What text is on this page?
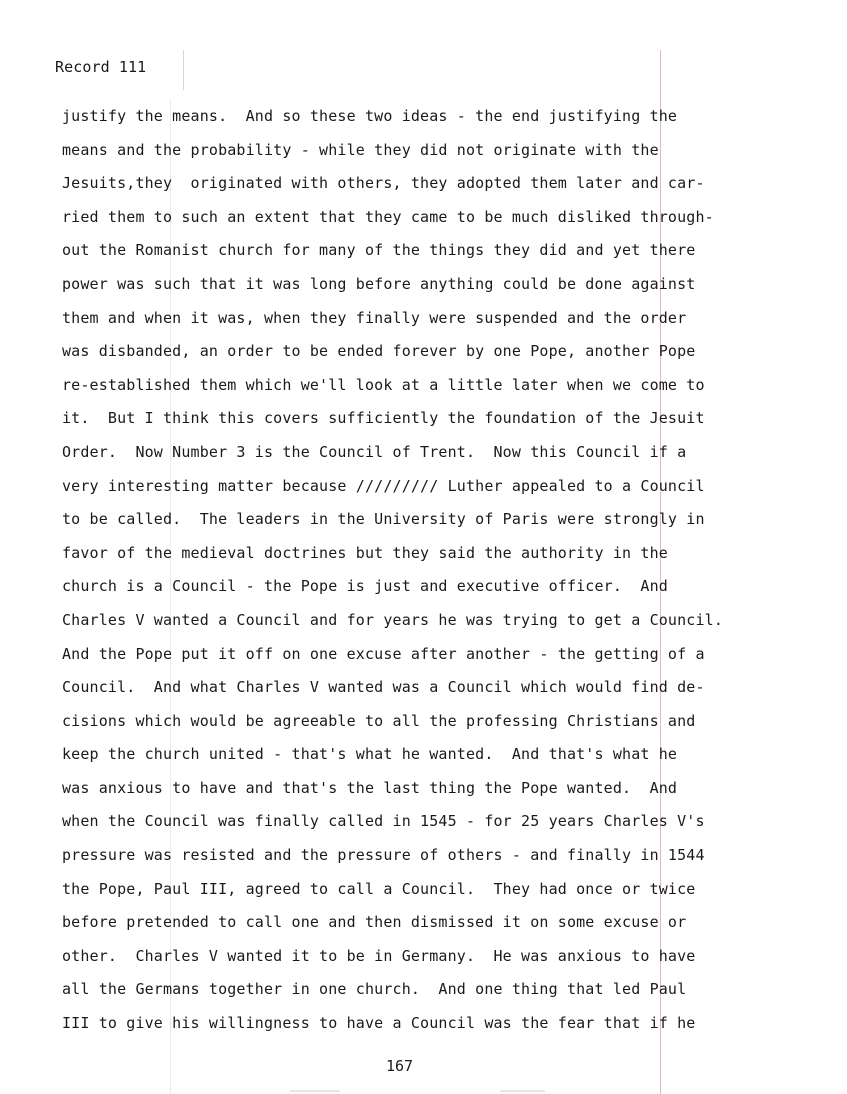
Record 111
justify the means.  And so these two ideas - the end justifying the
means and the probability - while they did not originate with the
Jesuits,they  originated with others, they adopted them later and car-
ried them to such an extent that they came to be much disliked through-
out the Romanist church for many of the things they did and yet there
power was such that it was long before anything could be done against
them and when it was, when they finally were suspended and the order
was disbanded, an order to be ended forever by one Pope, another Pope
re-established them which we'll look at a little later when we come to
it.  But I think this covers sufficiently the foundation of the Jesuit
Order.  Now Number 3 is the Council of Trent.  Now this Council if a
very interesting matter because ///////// Luther appealed to a Council
to be called.  The leaders in the University of Paris were strongly in
favor of the medieval doctrines but they said the authority in the
church is a Council - the Pope is just and executive officer.  And
Charles V wanted a Council and for years he was trying to get a Council.
And the Pope put it off on one excuse after another - the getting of a
Council.  And what Charles V wanted was a Council which would find de-
cisions which would be agreeable to all the professing Christians and
keep the church united - that's what he wanted.  And that's what he
was anxious to have and that's the last thing the Pope wanted.  And
when the Council was finally called in 1545 - for 25 years Charles V's
pressure was resisted and the pressure of others - and finally in 1544
the Pope, Paul III, agreed to call a Council.  They had once or twice
before pretended to call one and then dismissed it on some excuse or
other.  Charles V wanted it to be in Germany.  He was anxious to have
all the Germans together in one church.  And one thing that led Paul
III to give his willingness to have a Council was the fear that if he
167
